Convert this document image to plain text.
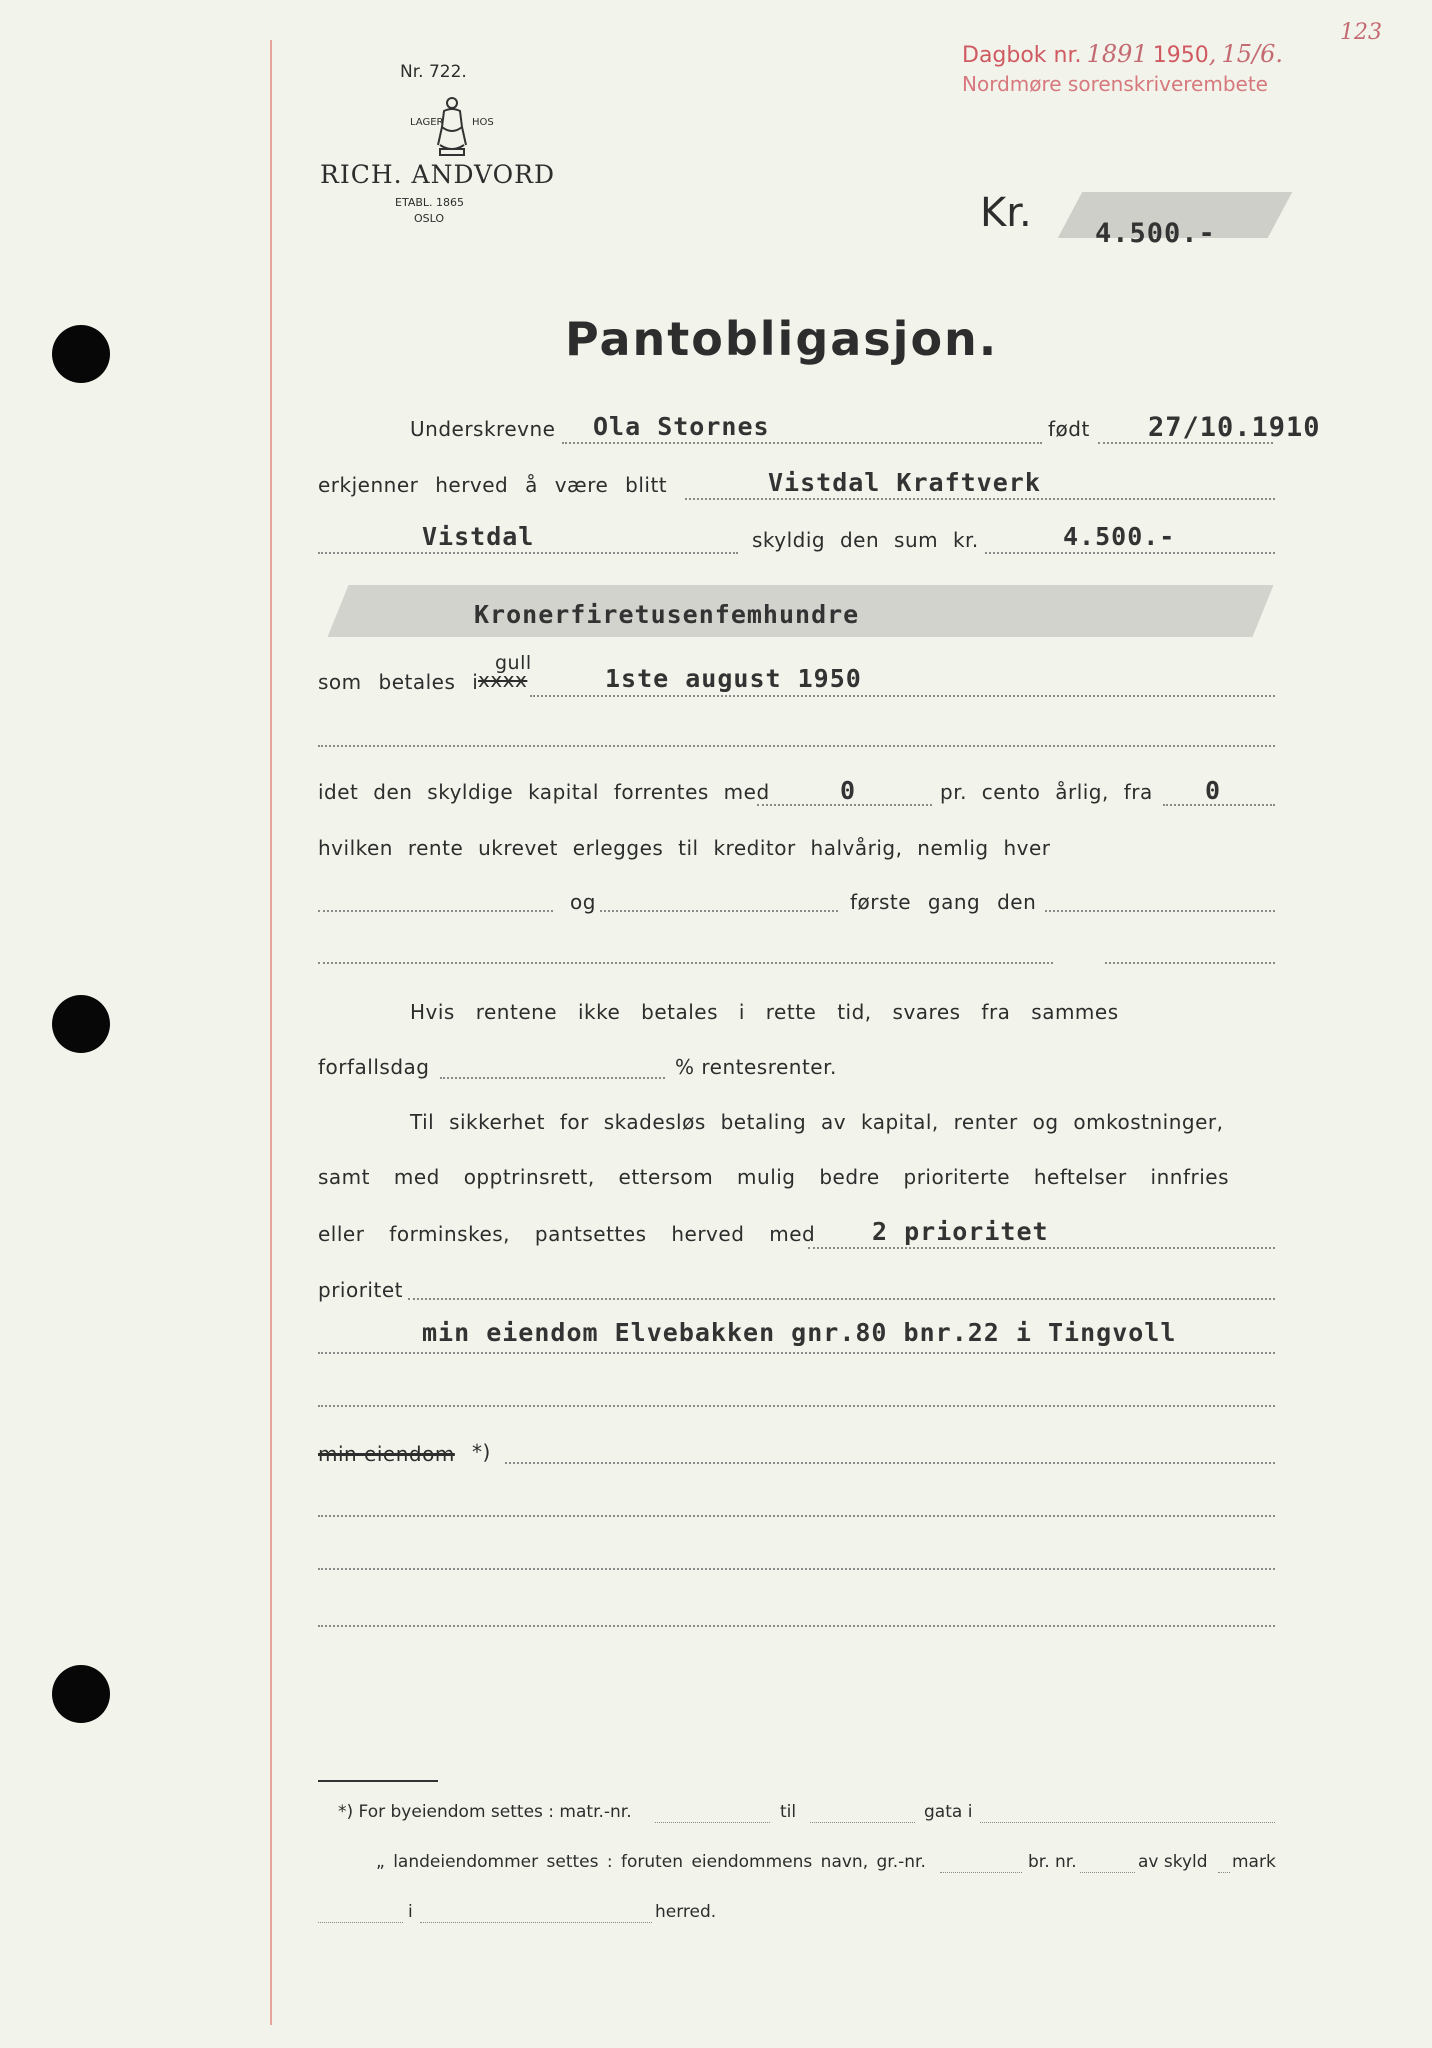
Dagbok nr. 1891 1950, 15/6.
123
Nordmøre sorenskriverembete
Nr. 722.
LAGER	HOS
RICH. ANDVORD
ETABL. 1865
OSLO	Kr. 4.500.-
Pantobligasjon.
Underskrevne Ola Stornes	født 27/10.1910
erkjenner herved å være blitt	Vistdal Kraftverk
Vistdal	skyldig den sum kr.	4.500.-
Kronerfiretusenfemhundre
som betales i xxxx
gull
1ste august 1950
idet den skyldige kapital forrentes med	0	pr. cento årlig, fra 0
hvilken rente ukrevet erlegges til kreditor halvårig, nemlig hver
og	første gang den
Hvis rentene ikke betales i rette tid, svares fra sammes
forfallsdag	% rentesrenter.
Til sikkerhet for skadesløs betaling av kapital, renter og omkostninger,
samt med opptrinsrett, ettersom mulig bedre prioriterte heftelser innfries
eller forminskes, pantsettes herved med 2 prioritet
prioritet
min eiendom Elvebakken gnr.80 bnr.22 i Tingvoll
min eiendom *)
*) For byeiendom settes : matr.-nr.	til	gata i
„ landeiendommer settes : foruten eiendommens navn, gr.-nr.	br. nr.	av skyld mark
i	herred.
